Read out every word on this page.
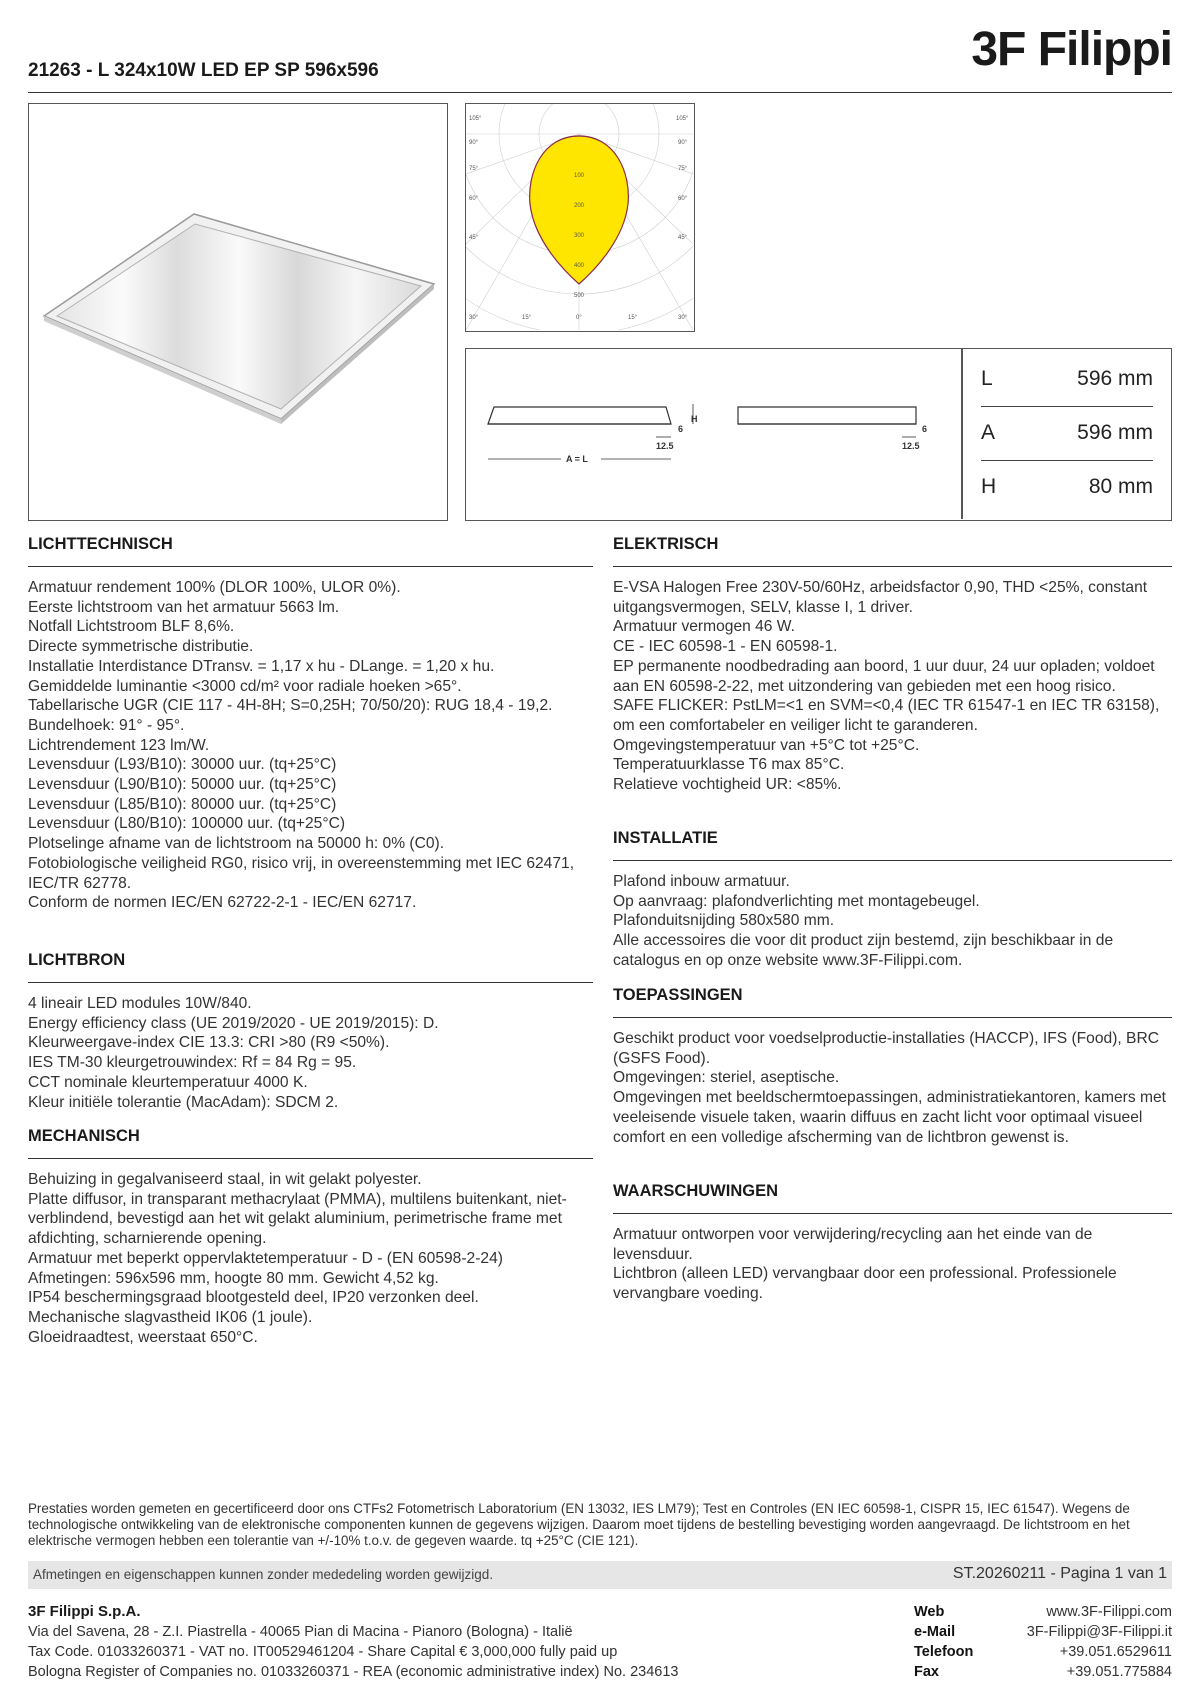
21263 - L 324x10W LED EP SP 596x596	3F Filippi
105°
90°
75°
60°
45°
30°
105°
90°
75°
60°
45°
30°
15°	0°	15°
100
200
300
400
500
H
6	6
12.5	12.5
A = L
L	596 mm
A	596 mm
H	80 mm
LICHTTECHNISCH
Armatuur rendement 100% (DLOR 100%, ULOR 0%).
Eerste lichtstroom van het armatuur 5663 lm.
Notfall Lichtstroom BLF 8,6%.
Directe symmetrische distributie.
Installatie Interdistance DTransv. = 1,17 x hu - DLange. = 1,20 x hu.
Gemiddelde luminantie <3000 cd/m² voor radiale hoeken >65°.
Tabellarische UGR (CIE 117 - 4H-8H; S=0,25H; 70/50/20): RUG 18,4 - 19,2.
Bundelhoek: 91° - 95°.
Lichtrendement 123 lm/W.
Levensduur (L93/B10): 30000 uur. (tq+25°C)
Levensduur (L90/B10): 50000 uur. (tq+25°C)
Levensduur (L85/B10): 80000 uur. (tq+25°C)
Levensduur (L80/B10): 100000 uur. (tq+25°C)
Plotselinge afname van de lichtstroom na 50000 h: 0% (C0).
Fotobiologische veiligheid RG0, risico vrij, in overeenstemming met IEC 62471, IEC/TR 62778.
Conform de normen IEC/EN 62722-2-1 - IEC/EN 62717.
LICHTBRON
4 lineair LED modules 10W/840.
Energy efficiency class (UE 2019/2020 - UE 2019/2015): D.
Kleurweergave-index CIE 13.3: CRI >80 (R9 <50%).
IES TM-30 kleurgetrouwindex: Rf = 84 Rg = 95.
CCT nominale kleurtemperatuur 4000 K.
Kleur initiële tolerantie (MacAdam): SDCM 2.
MECHANISCH
Behuizing in gegalvaniseerd staal, in wit gelakt polyester.
Platte diffusor, in transparant methacrylaat (PMMA), multilens buitenkant, niet-verblindend, bevestigd aan het wit gelakt aluminium, perimetrische frame met afdichting, scharnierende opening.
Armatuur met beperkt oppervlaktetemperatuur - D - (EN 60598-2-24)
Afmetingen: 596x596 mm, hoogte 80 mm. Gewicht 4,52 kg.
IP54 beschermingsgraad blootgesteld deel, IP20 verzonken deel.
Mechanische slagvastheid IK06 (1 joule).
Gloeidraadtest, weerstaat 650°C.
ELEKTRISCH
E-VSA Halogen Free 230V-50/60Hz, arbeidsfactor 0,90, THD <25%, constant uitgangsvermogen, SELV, klasse I, 1 driver.
Armatuur vermogen 46 W.
CE - IEC 60598-1 - EN 60598-1.
EP permanente noodbedrading aan boord, 1 uur duur, 24 uur opladen; voldoet aan EN 60598-2-22, met uitzondering van gebieden met een hoog risico.
SAFE FLICKER: PstLM=<1 en SVM=<0,4 (IEC TR 61547-1 en IEC TR 63158), om een comfortabeler en veiliger licht te garanderen.
Omgevingstemperatuur van +5°C tot +25°C.
Temperatuurklasse T6 max 85°C.
Relatieve vochtigheid UR: <85%.
INSTALLATIE
Plafond inbouw armatuur.
Op aanvraag: plafondverlichting met montagebeugel.
Plafonduitsnijding 580x580 mm.
Alle accessoires die voor dit product zijn bestemd, zijn beschikbaar in de catalogus en op onze website www.3F-Filippi.com.
TOEPASSINGEN
Geschikt product voor voedselproductie-installaties (HACCP), IFS (Food), BRC (GSFS Food).
Omgevingen: steriel, aseptische.
Omgevingen met beeldschermtoepassingen, administratiekantoren, kamers met veeleisende visuele taken, waarin diffuus en zacht licht voor optimaal visueel comfort en een volledige afscherming van de lichtbron gewenst is.
WAARSCHUWINGEN
Armatuur ontworpen voor verwijdering/recycling aan het einde van de levensduur.
Lichtbron (alleen LED) vervangbaar door een professional. Professionele vervangbare voeding.
Prestaties worden gemeten en gecertificeerd door ons CTFs2 Fotometrisch Laboratorium (EN 13032, IES LM79); Test en Controles (EN IEC 60598-1, CISPR 15, IEC 61547). Wegens de technologische ontwikkeling van de elektronische componenten kunnen de gegevens wijzigen. Daarom moet tijdens de bestelling bevestiging worden aangevraagd. De lichtstroom en het elektrische vermogen hebben een tolerantie van +/-10% t.o.v. de gegeven waarde. tq +25°C (CIE 121).
Afmetingen en eigenschappen kunnen zonder mededeling worden gewijzigd.	ST.20260211 - Pagina 1 van 1
3F Filippi S.p.A.
Via del Savena, 28 - Z.I. Piastrella - 40065 Pian di Macina - Pianoro (Bologna) - Italië
Tax Code. 01033260371 - VAT no. IT00529461204 - Share Capital € 3,000,000 fully paid up
Bologna Register of Companies no. 01033260371 - REA (economic administrative index) No. 234613
Web	www.3F-Filippi.com
e-Mail	3F-Filippi@3F-Filippi.it
Telefoon	+39.051.6529611
Fax	+39.051.775884
